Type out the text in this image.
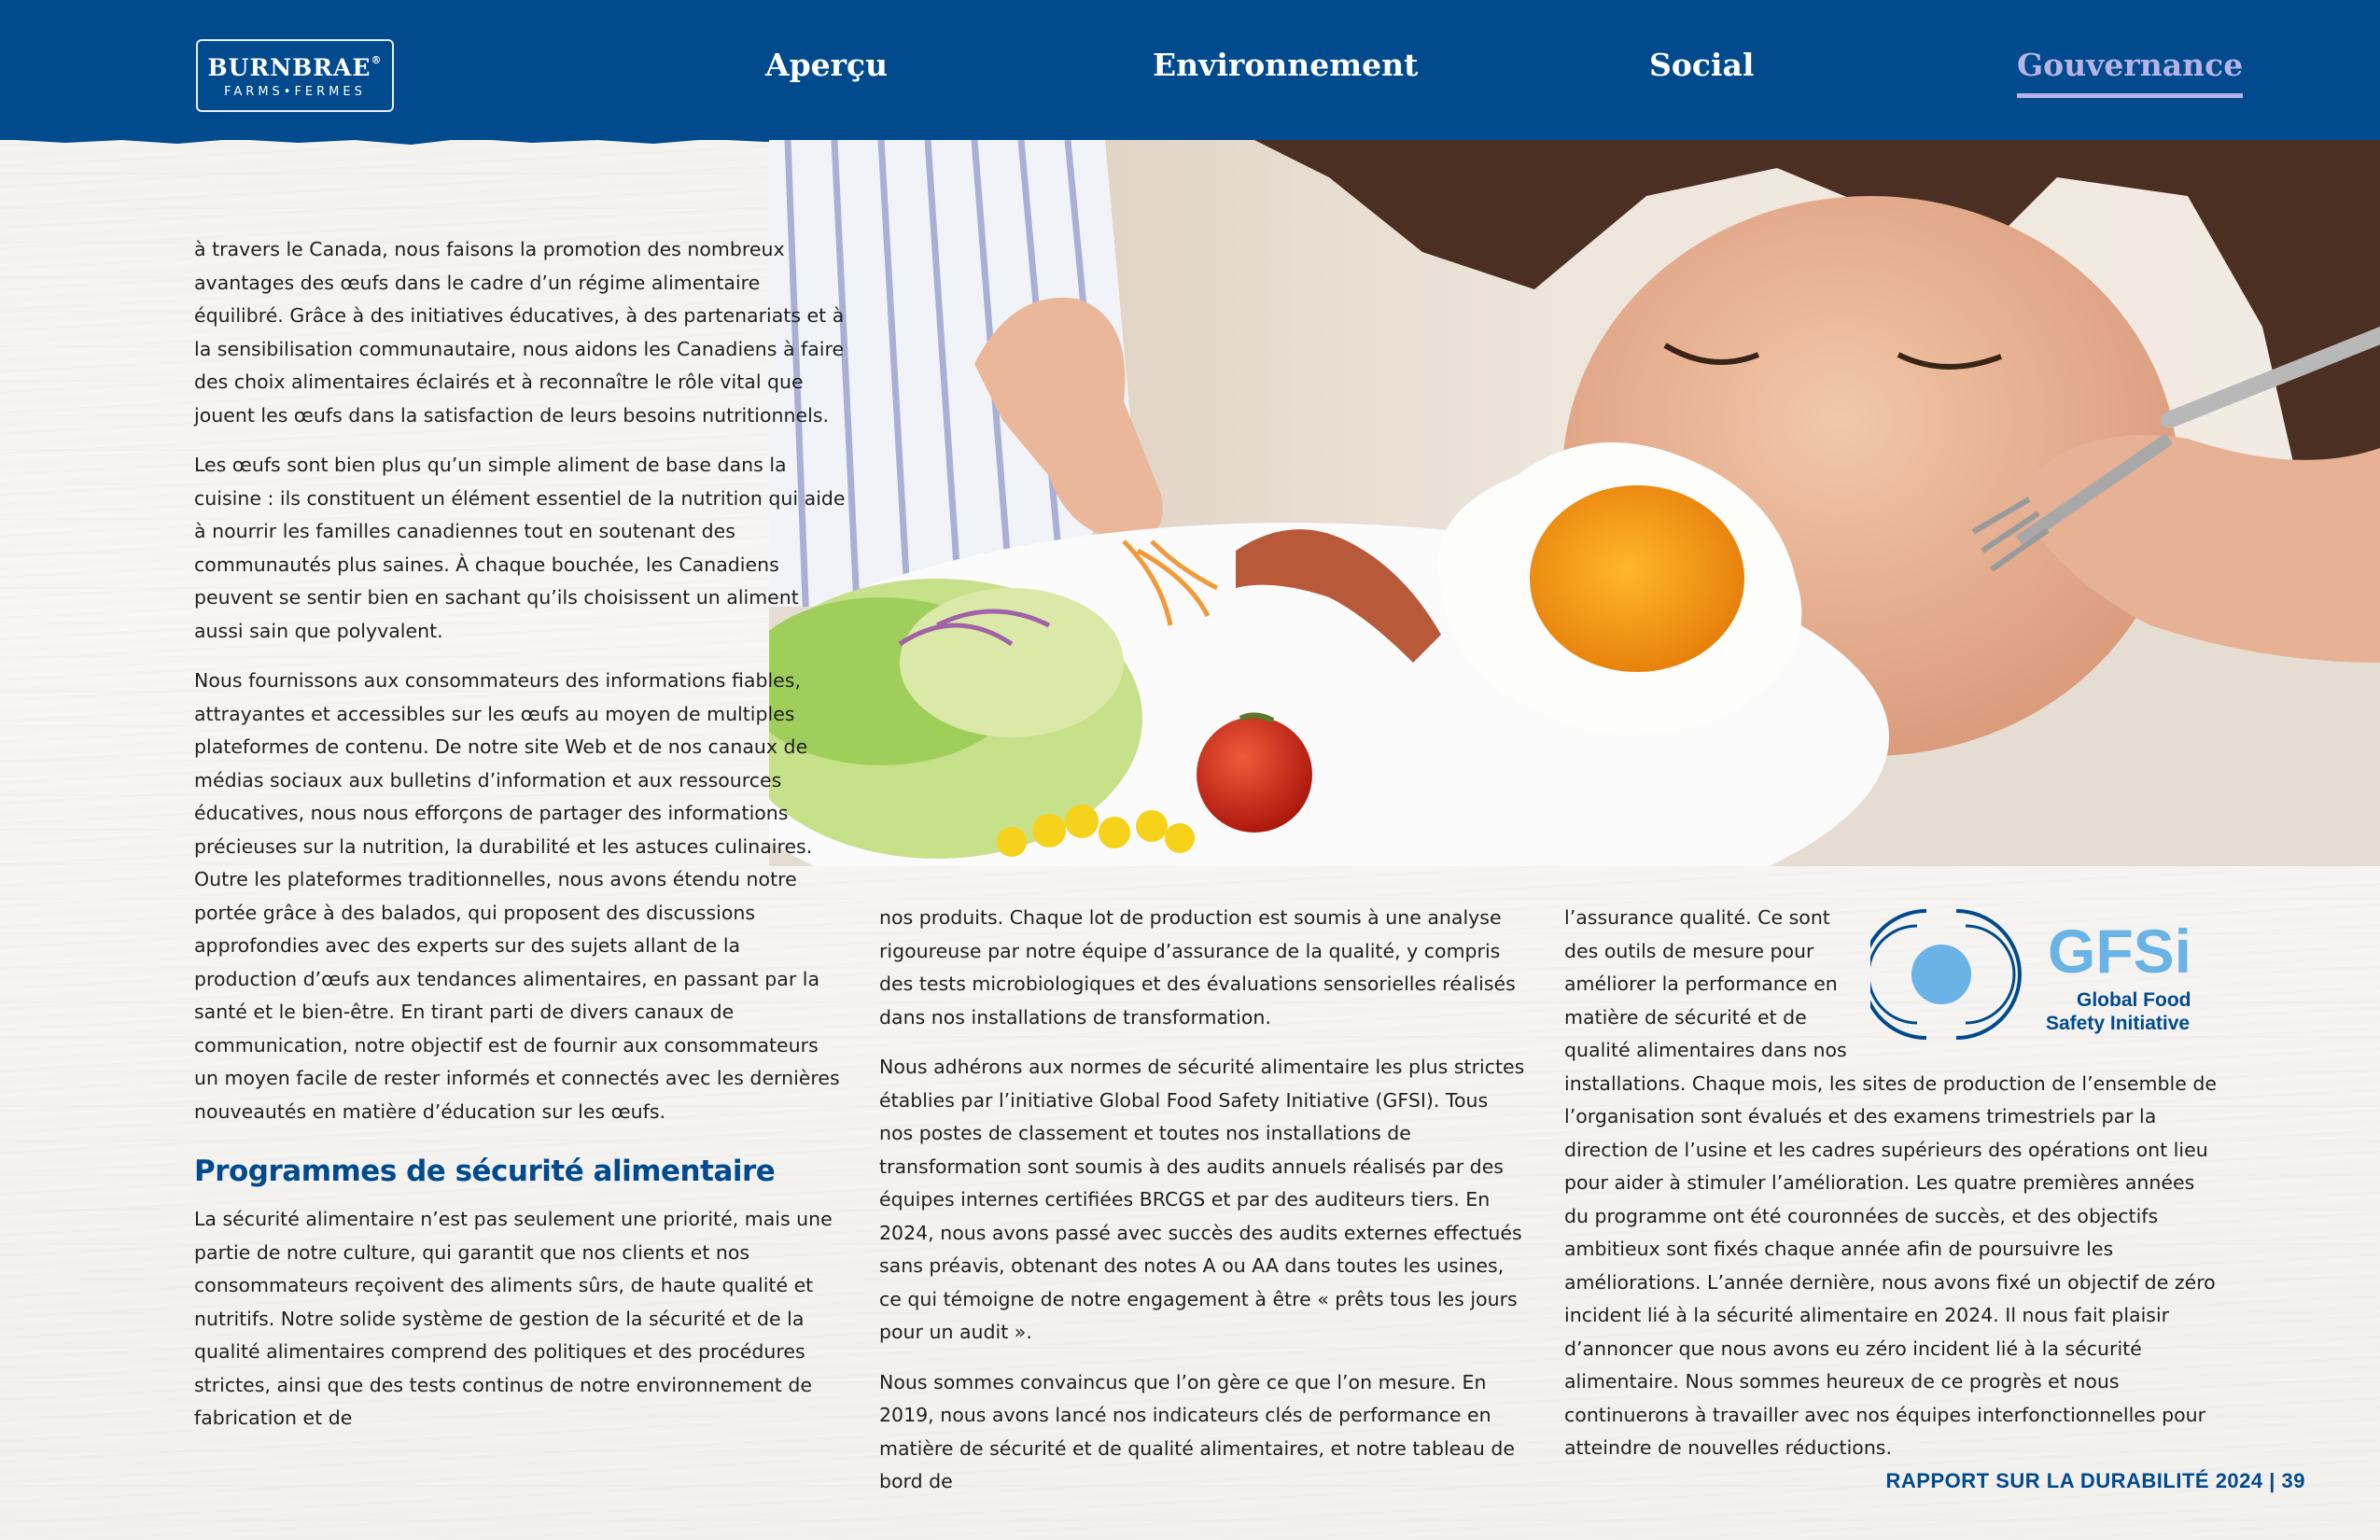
BURNBRAE®
FARMS•FERMES
Aperçu	Environnement	Social	Gouvernance

à travers le Canada, nous faisons la promotion des nombreux avantages des œufs dans le cadre d’un régime alimentaire équilibré. Grâce à des initiatives éducatives, à des partenariats et à la sensibilisation communautaire, nous aidons les Canadiens à faire des choix alimentaires éclairés et à reconnaître le rôle vital que jouent les œufs dans la satisfaction de leurs besoins nutritionnels.

Les œufs sont bien plus qu’un simple aliment de base dans la cuisine : ils constituent un élément essentiel de la nutrition qui aide à nourrir les familles canadiennes tout en soutenant des communautés plus saines. À chaque bouchée, les Canadiens peuvent se sentir bien en sachant qu’ils choisissent un aliment aussi sain que polyvalent.

Nous fournissons aux consommateurs des informations fiables, attrayantes et accessibles sur les œufs au moyen de multiples plateformes de contenu. De notre site Web et de nos canaux de médias sociaux aux bulletins d’information et aux ressources éducatives, nous nous efforçons de partager des informations précieuses sur la nutrition, la durabilité et les astuces culinaires. Outre les plateformes traditionnelles, nous avons étendu notre portée grâce à des balados, qui proposent des discussions approfondies avec des experts sur des sujets allant de la production d’œufs aux tendances alimentaires, en passant par la santé et le bien-être. En tirant parti de divers canaux de communication, notre objectif est de fournir aux consommateurs un moyen facile de rester informés et connectés avec les dernières nouveautés en matière d’éducation sur les œufs.

Programmes de sécurité alimentaire

La sécurité alimentaire n’est pas seulement une priorité, mais une partie de notre culture, qui garantit que nos clients et nos consommateurs reçoivent des aliments sûrs, de haute qualité et nutritifs. Notre solide système de gestion de la sécurité et de la qualité alimentaires comprend des politiques et des procédures strictes, ainsi que des tests continus de notre environnement de fabrication et de

nos produits. Chaque lot de production est soumis à une analyse rigoureuse par notre équipe d’assurance de la qualité, y compris des tests microbiologiques et des évaluations sensorielles réalisés dans nos installations de transformation.

Nous adhérons aux normes de sécurité alimentaire les plus strictes établies par l’initiative Global Food Safety Initiative (GFSI). Tous nos postes de classement et toutes nos installations de transformation sont soumis à des audits annuels réalisés par des équipes internes certifiées BRCGS et par des auditeurs tiers. En 2024, nous avons passé avec succès des audits externes effectués sans préavis, obtenant des notes A ou AA dans toutes les usines, ce qui témoigne de notre engagement à être « prêts tous les jours pour un audit ».

Nous sommes convaincus que l’on gère ce que l’on mesure. En 2019, nous avons lancé nos indicateurs clés de performance en matière de sécurité et de qualité alimentaires, et notre tableau de bord de

GFSi
Global Food
Safety Initiative

l’assurance qualité. Ce sont des outils de mesure pour améliorer la performance en matière de sécurité et de qualité alimentaires dans nos installations. Chaque mois, les sites de production de l’ensemble de l’organisation sont évalués et des examens trimestriels par la direction de l’usine et les cadres supérieurs des opérations ont lieu pour aider à stimuler l’amélioration. Les quatre premières années du programme ont été couronnées de succès, et des objectifs ambitieux sont fixés chaque année afin de poursuivre les améliorations. L’année dernière, nous avons fixé un objectif de zéro incident lié à la sécurité alimentaire en 2024. Il nous fait plaisir d’annoncer que nous avons eu zéro incident lié à la sécurité alimentaire. Nous sommes heureux de ce progrès et nous continuerons à travailler avec nos équipes interfonctionnelles pour atteindre de nouvelles réductions.

RAPPORT SUR LA DURABILITÉ 2024 | 39
